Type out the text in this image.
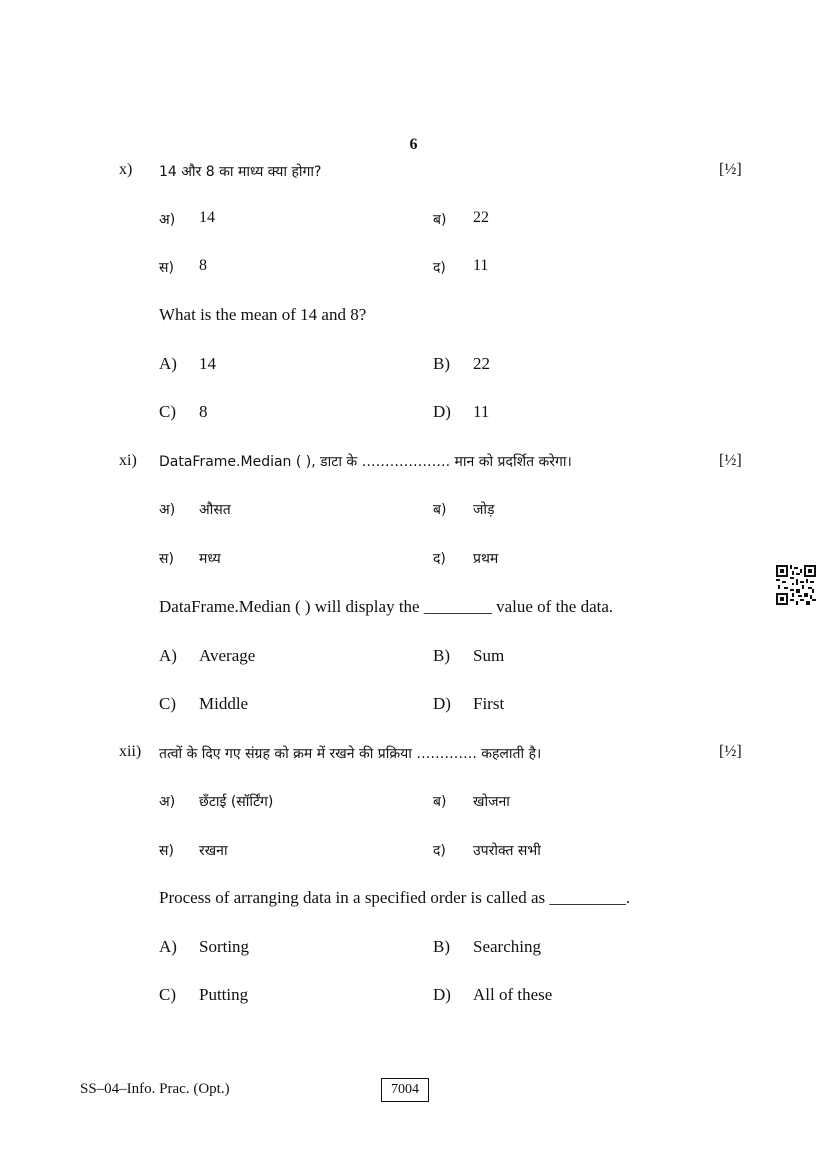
6
x) 14 और 8 का माध्य क्या होगा?	[½]
अ) 14	ब) 22
स) 8	द) 11
What is the mean of 14 and 8?
A) 14	B) 22
C) 8	D) 11
xi) DataFrame.Median ( ), डाटा के ………………. मान को प्रदर्शित करेगा।	[½]
अ) औसत	ब) जोड़
स) मध्य	द) प्रथम
DataFrame.Median ( ) will display the ________ value of the data.
A) Average	B) Sum
C) Middle	D) First
xii) तत्वों के दिए गए संग्रह को क्रम में रखने की प्रक्रिया …………. कहलाती है।	[½]
अ) छँटाई (सॉर्टिंग)	ब) खोजना
स) रखना	द) उपरोक्त सभी
Process of arranging data in a specified order is called as _________.
A) Sorting	B) Searching
C) Putting	D) All of these
SS–04–Info. Prac. (Opt.)	7004
